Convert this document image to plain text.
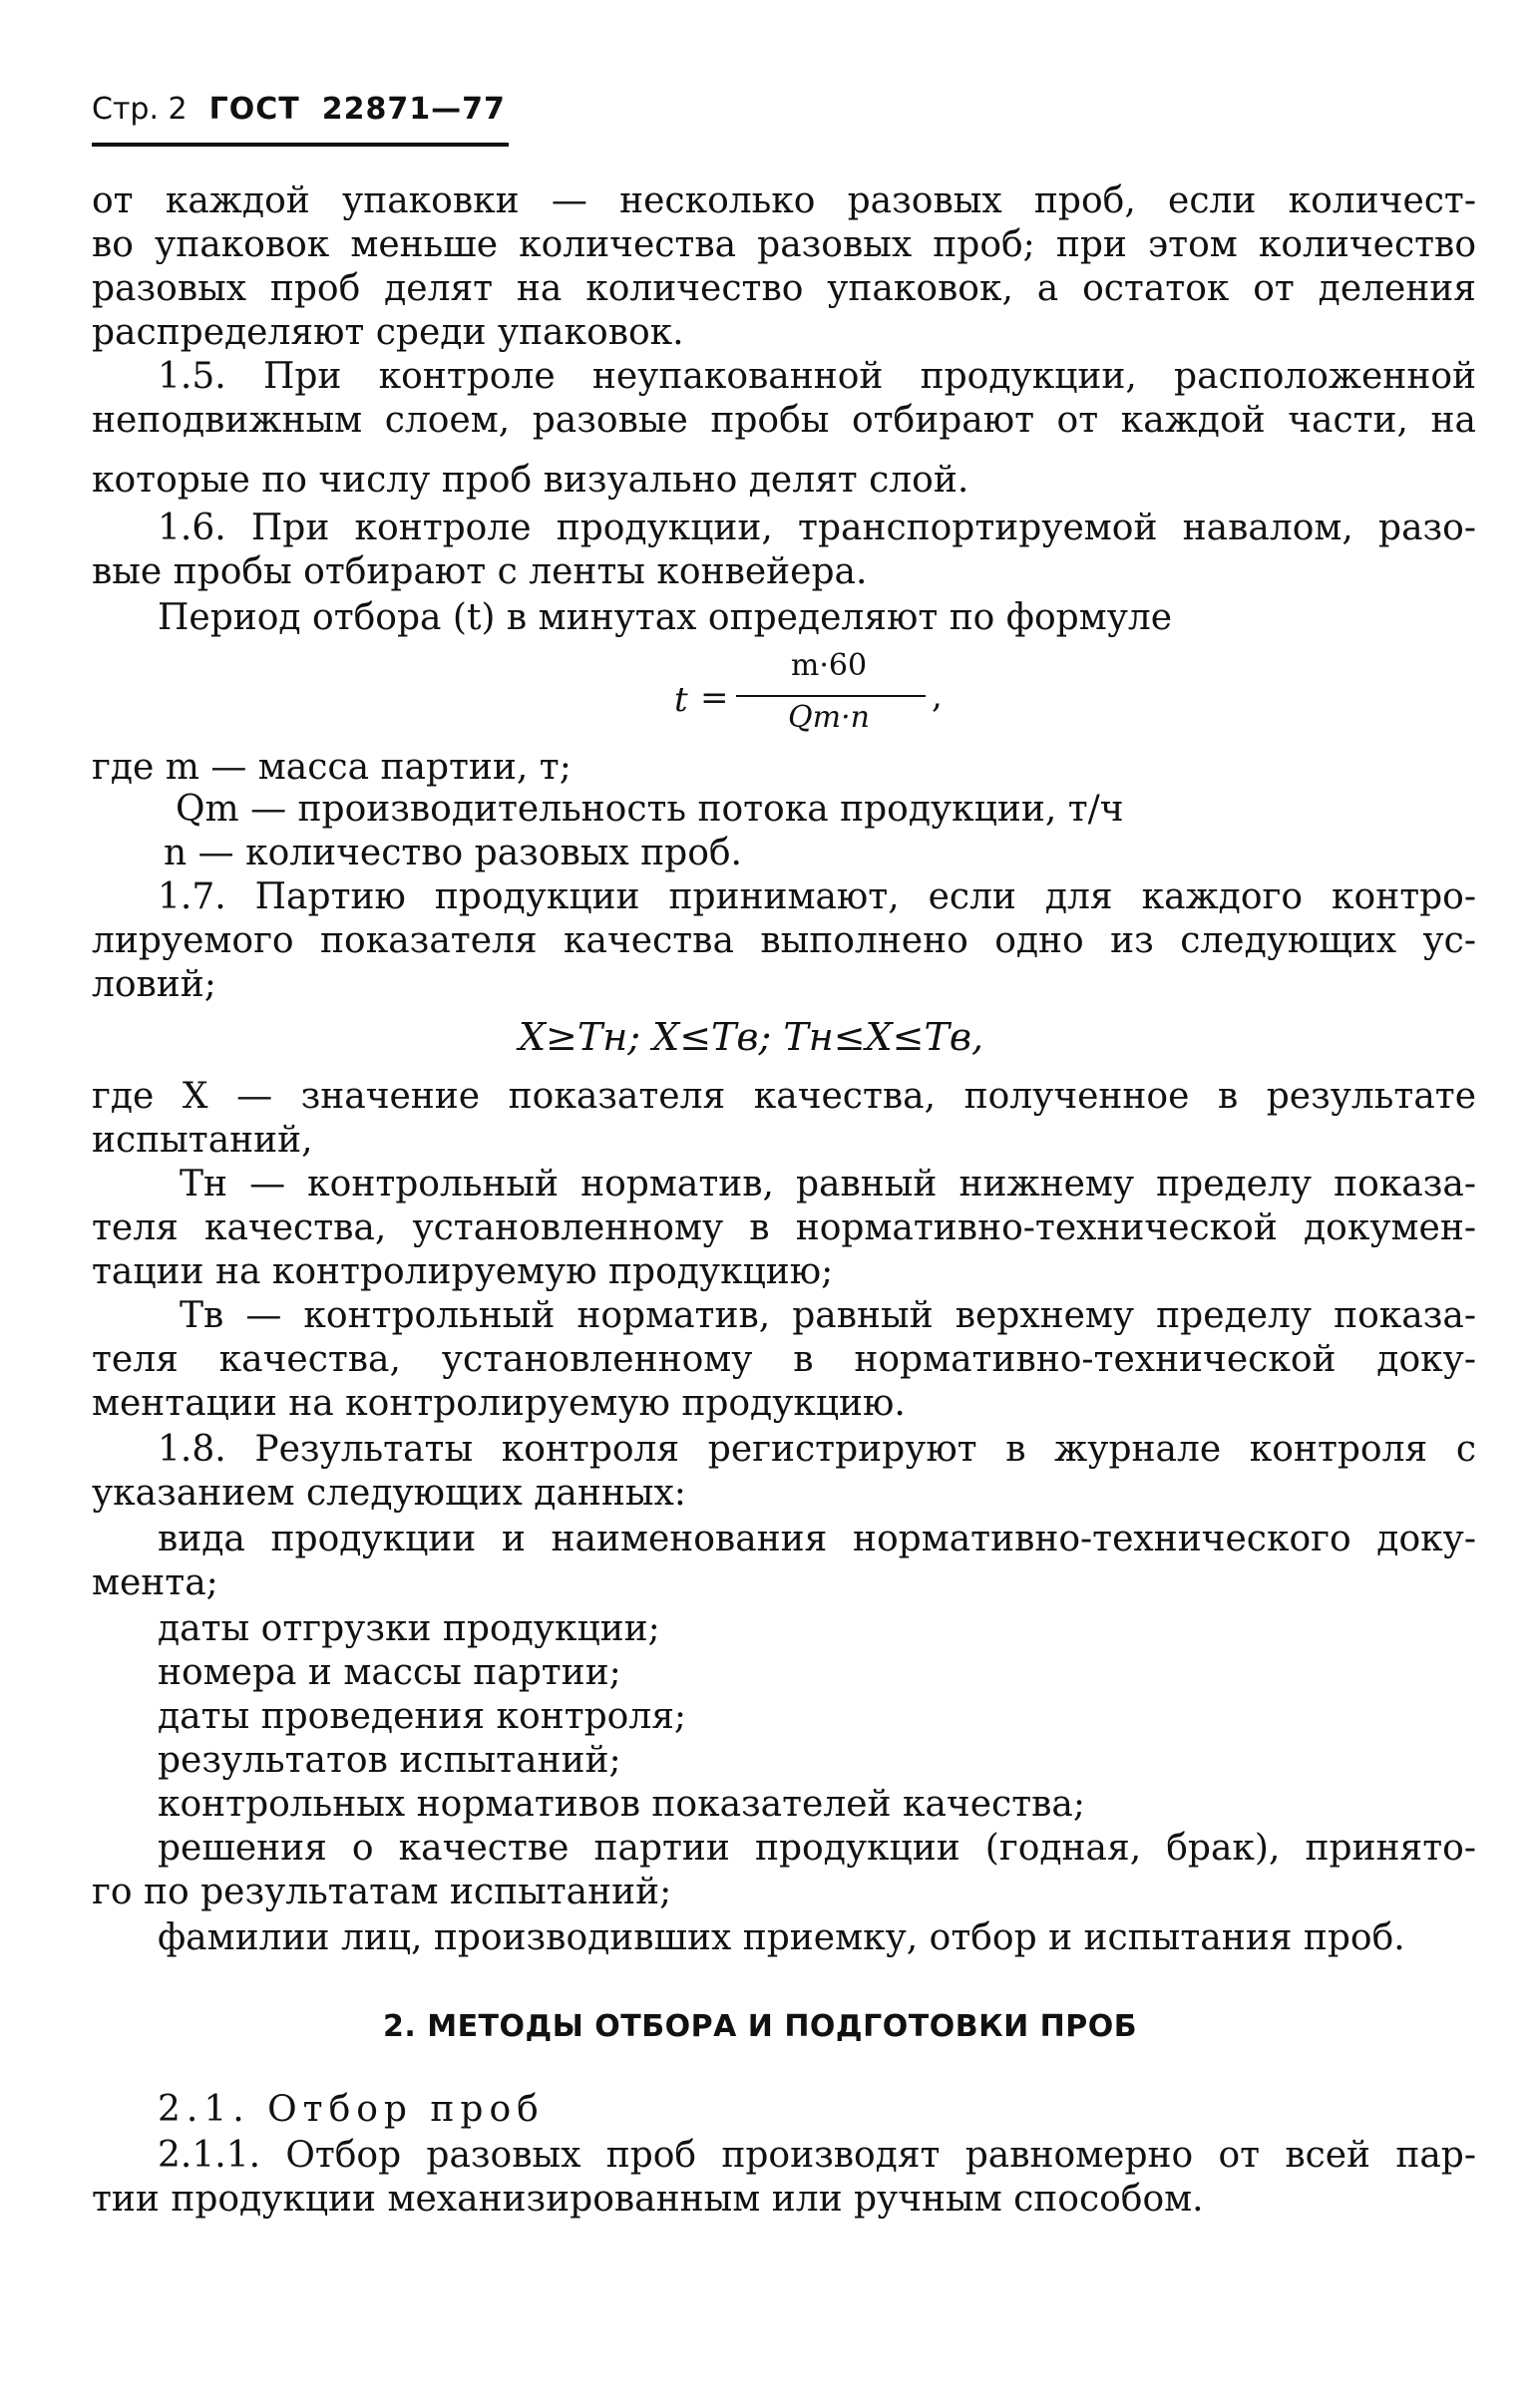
Стр. 2 ГОСТ 22871—77
от каждой упаковки — несколько разовых проб, если количест-
во упаковок меньше количества разовых проб; при этом количество
разовых проб делят на количество упаковок, а остаток от деления
распределяют среди упаковок.
1.5. При контроле неупакованной продукции, расположенной
неподвижным слоем, разовые пробы отбирают от каждой части, на
которые по числу проб визуально делят слой.
1.6. При контроле продукции, транспортируемой навалом, разо-
вые пробы отбирают с ленты конвейера.
Период отбора (t) в минутах определяют по формуле
t =
m·60
Qm·n
,
где m — масса партии, т;
Qm — производительность потока продукции, т/ч
n — количество разовых проб.
1.7. Партию продукции принимают, если для каждого контро-
лируемого показателя качества выполнено одно из следующих ус-
ловий;
X≥Tн; X≤Tв; Tн≤X≤Tв,
где X — значение показателя качества, полученное в результате
испытаний,
Tн — контрольный норматив, равный нижнему пределу показа-
теля качества, установленному в нормативно-технической докумен-
тации на контролируемую продукцию;
Tв — контрольный норматив, равный верхнему пределу показа-
теля качества, установленному в нормативно-технической доку-
ментации на контролируемую продукцию.
1.8. Результаты контроля регистрируют в журнале контроля с
указанием следующих данных:
вида продукции и наименования нормативно-технического доку-
мента;
даты отгрузки продукции;
номера и массы партии;
даты проведения контроля;
результатов испытаний;
контрольных нормативов показателей качества;
решения о качестве партии продукции (годная, брак), принято-
го по результатам испытаний;
фамилии лиц, производивших приемку, отбор и испытания проб.
2. МЕТОДЫ ОТБОРА И ПОДГОТОВКИ ПРОБ
2.1. Отбор проб
2.1.1. Отбор разовых проб производят равномерно от всей пар-
тии продукции механизированным или ручным способом.
